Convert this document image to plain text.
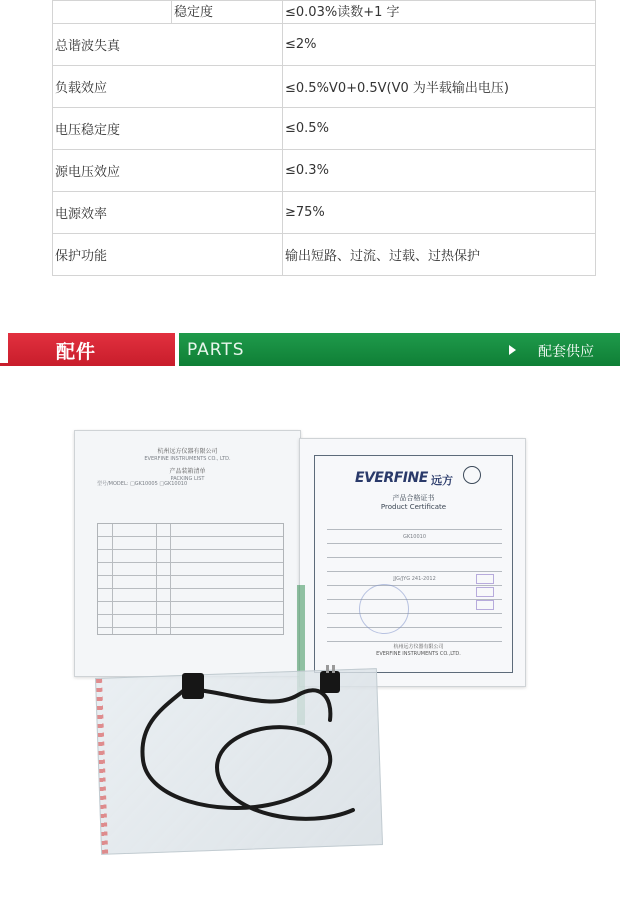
稳定度	≤0.03%读数+1 字
总谐波失真	≤2%
负载效应	≤0.5%V0+0.5V(V0 为半载输出电压)
电压稳定度	≤0.5%
源电压效应	≤0.3%
电源效率	≥75%
保护功能	输出短路、过流、过载、过热保护
配件	PARTS	配套供应
杭州远方仪器有限公司
EVERFINE INSTRUMENTS CO., LTD.
产品装箱清单
PACKING LIST
型号/MODEL: □GK10005 □GK10010	EVERFINE 远方
产品合格证书
Product Certificate
GK10010
JJG/JYG 241-2012
杭州远方仪器有限公司
EVERFINE INSTRUMENTS CO.,LTD.
